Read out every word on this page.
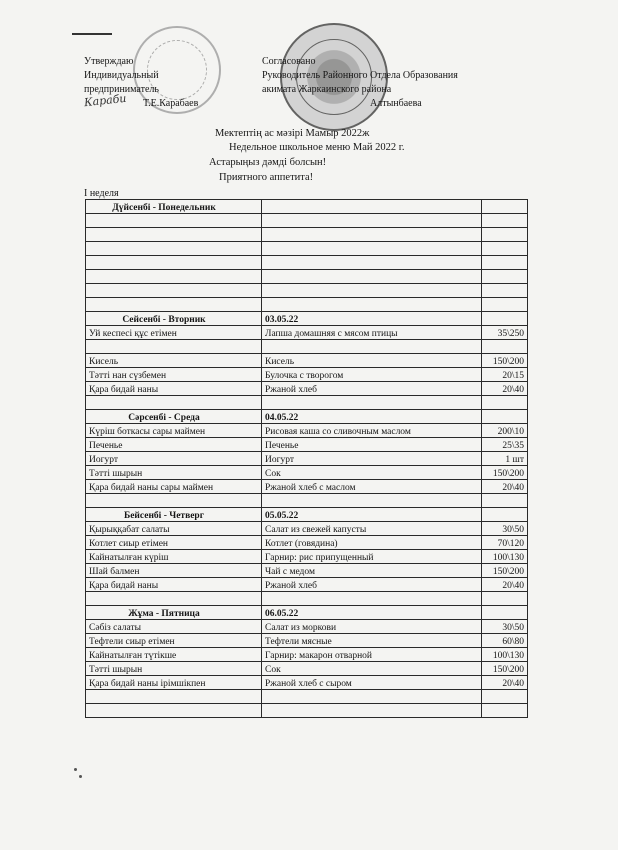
Утверждаю
Индивидуальный
предприниматель
Т.Е.Карабаев
Караби
Согласовано
Руководитель Районного Отдела Образования
акимата Жаркаинского района
Алтынбаева
Мектептің ас мәзірі Мамыр 2022ж
Недельное школьное меню Май 2022 г.
Астарыңыз дәмді болсын!
Приятного аппетита!
I неделя
Дүйсенбі - Понедельник		

Сейсенбі - Вторник	03.05.22	
Уй кеспесі құс етімен	Лапша домашняя с мясом птицы	35\250

Кисель	Кисель	150\200
Тәтті нан сүзбемен	Булочка с творогом	20\15
Қара бидай наны	Ржаной хлеб	20\40

Сәрсенбі - Среда	04.05.22	
Күріш боткасы сары маймен	Рисовая каша со сливочным маслом	200\10
Печенье	Печенье	25\35
Иогурт	Иогурт	1 шт
Тәтті шырын	Сок	150\200
Қара бидай наны сары маймен	Ржаной хлеб с маслом	20\40

Бейсенбі - Четверг	05.05.22	
Қырыққабат салаты	Салат из свежей капусты	30\50
Котлет сиыр етімен	Котлет (говядина)	70\120
Кайнатылған күріш	Гарнир: рис припущенный	100\130
Шай балмен	Чай с медом	150\200
Қара бидай наны	Ржаной хлеб	20\40

Жұма - Пятница	06.05.22	
Сәбіз салаты	Салат из моркови	30\50
Тефтели сиыр етімен	Тефтели мясные	60\80
Кайнатылған түтікше	Гарнир: макарон отварной	100\130
Тәтті шырын	Сок	150\200
Қара бидай наны ірімшікпен	Ржаной хлеб с сыром	20\40
